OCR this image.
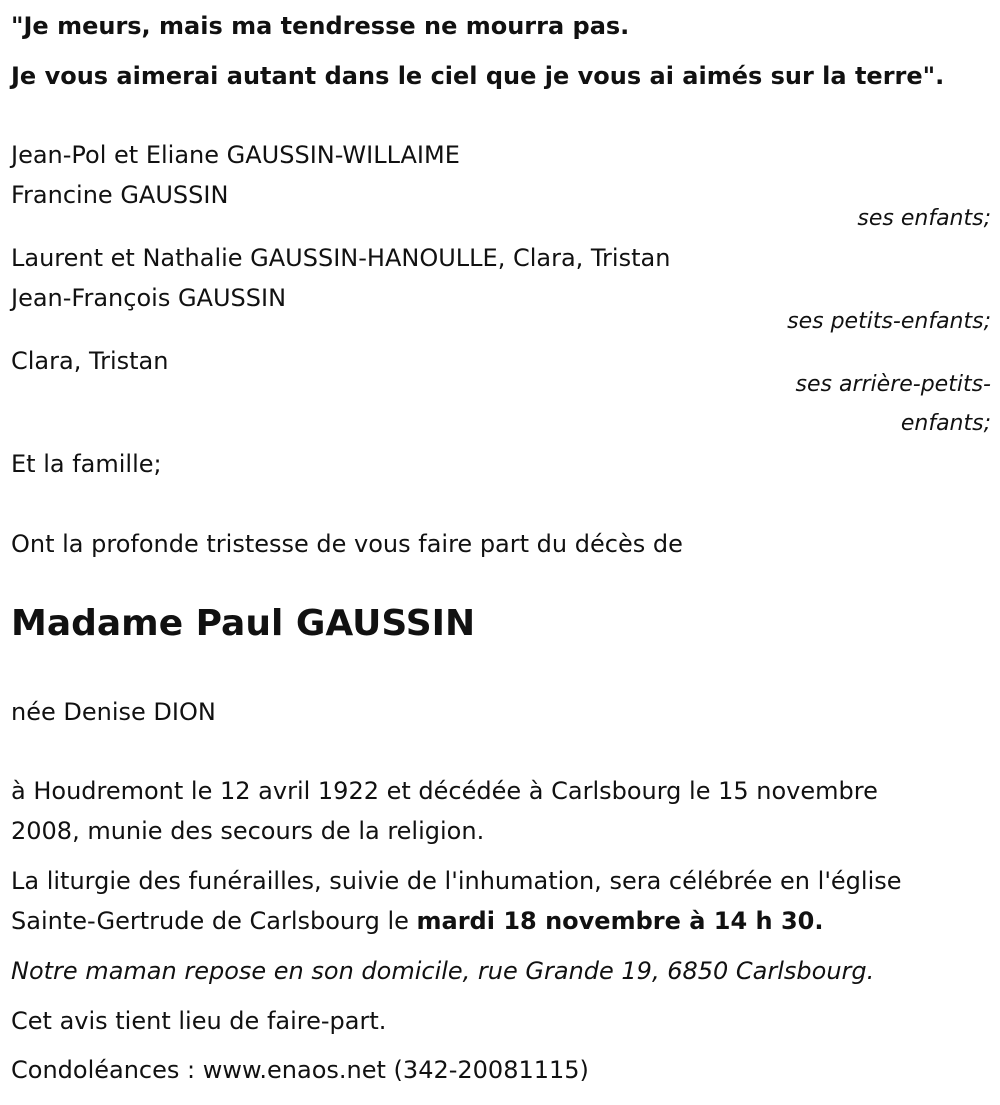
"Je meurs, mais ma tendresse ne mourra pas.
Je vous aimerai autant dans le ciel que je vous ai aimés sur la terre".
Jean-Pol et Eliane GAUSSIN-WILLAIME
Francine GAUSSIN
ses enfants;
Laurent et Nathalie GAUSSIN-HANOULLE, Clara, Tristan
Jean-François GAUSSIN
ses petits-enfants;
Clara, Tristan
ses arrière-petits-
enfants;
Et la famille;
Ont la profonde tristesse de vous faire part du décès de
Madame Paul GAUSSIN
née Denise DION
à Houdremont le 12 avril 1922 et décédée à Carlsbourg le 15 novembre
2008, munie des secours de la religion.
La liturgie des funérailles, suivie de l'inhumation, sera célébrée en l'église
Sainte-Gertrude de Carlsbourg le mardi 18 novembre à 14 h 30.
Notre maman repose en son domicile, rue Grande 19, 6850 Carlsbourg.
Cet avis tient lieu de faire-part.
Condoléances : www.enaos.net (342-20081115)
